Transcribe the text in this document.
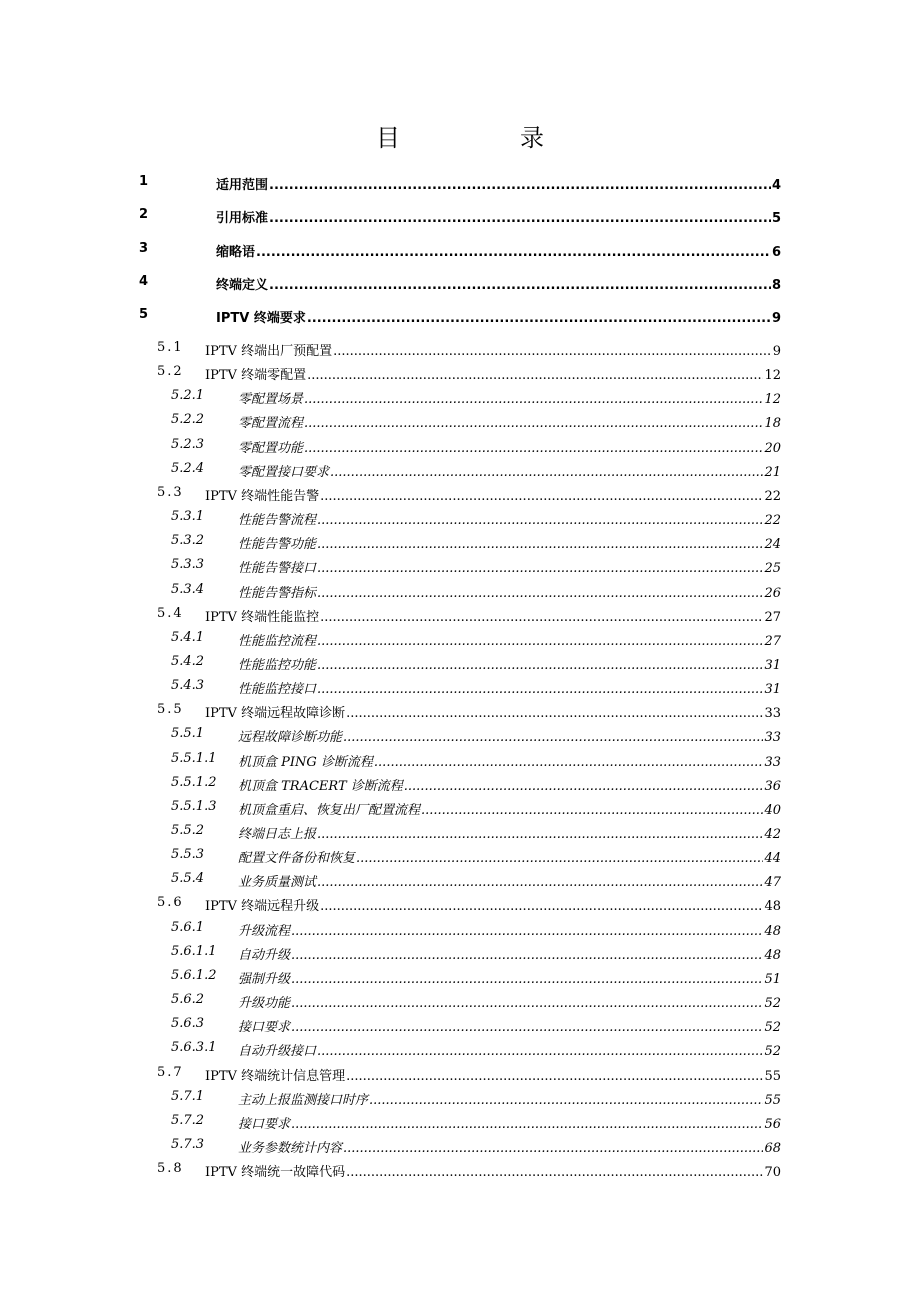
目　录
1	适用范围 .....	4
2	引用标准 .....	5
3	缩略语 .....	6
4	终端定义 .....	8
5	IPTV 终端要求 .....	9
5.1 IPTV 终端出厂预配置 .....	9
5.2 IPTV 终端零配置 .....	12
5.2.1	零配置场景 .....	12
5.2.2	零配置流程 .....	18
5.2.3	零配置功能 .....	20
5.2.4	零配置接口要求 .....	21
5.3 IPTV 终端性能告警 .....	22
5.3.1	性能告警流程 .....	22
5.3.2	性能告警功能 .....	24
5.3.3	性能告警接口 .....	25
5.3.4	性能告警指标 .....	26
5.4 IPTV 终端性能监控 .....	27
5.4.1	性能监控流程 .....	27
5.4.2	性能监控功能 .....	31
5.4.3	性能监控接口 .....	31
5.5 IPTV 终端远程故障诊断 .....	33
5.5.1	远程故障诊断功能 .....	33
5.5.1.1 机顶盒 PING 诊断流程 .....	33
5.5.1.2 机顶盒 TRACERT 诊断流程 .....	36
5.5.1.3 机顶盒重启、恢复出厂配置流程 .....	40
5.5.2	终端日志上报 .....	42
5.5.3	配置文件备份和恢复 .....	44
5.5.4	业务质量测试 .....	47
5.6 IPTV 终端远程升级 .....	48
5.6.1	升级流程 .....	48
5.6.1.1 自动升级 .....	48
5.6.1.2 强制升级 .....	51
5.6.2	升级功能 .....	52
5.6.3	接口要求 .....	52
5.6.3.1 自动升级接口 .....	52
5.7 IPTV 终端统计信息管理 .....	55
5.7.1	主动上报监测接口时序 .....	55
5.7.2	接口要求 .....	56
5.7.3	业务参数统计内容 .....	68
5.8 IPTV 终端统一故障代码 .....	70
